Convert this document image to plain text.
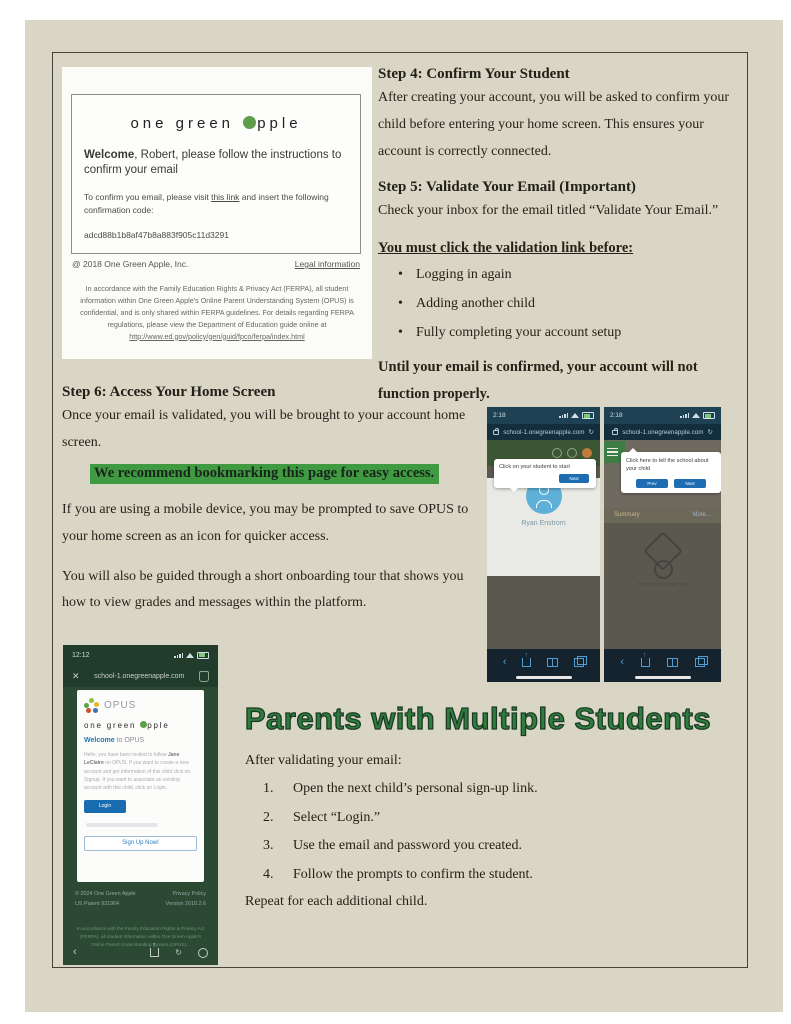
one green pple
Welcome, Robert, please follow the instructions to confirm your email
To confirm you email, please visit this link and insert the following confirmation code:
adcd88b1b8af47b8a883f905c11d3291
@ 2018 One Green Apple, Inc.	Legal information
In accordance with the Family Education Rights & Privacy Act (FERPA), all student information within One Green Apple's Online Parent Understanding System (OPUS) is confidential, and is only shared within FERPA guidelines. For details regarding FERPA regulations, please view the Department of Education guide online at
http://www.ed.gov/policy/gen/guid/fpco/ferpa/index.html
Step 4: Confirm Your Student

After creating your account, you will be asked to confirm your child before entering your home screen. This ensures your account is correctly connected.

Step 5: Validate Your Email (Important)

Check your inbox for the email titled “Validate Your Email.”

You must click the validation link before:

• Logging in again
• Adding another child
• Fully completing your account setup

Until your email is confirmed, your account will not function properly.

Step 6: Access Your Home Screen

Once your email is validated, you will be brought to your account home screen.

We recommend bookmarking this page for easy access.

If you are using a mobile device, you may be prompted to save OPUS to your home screen as an icon for quicker access.

You will also be guided through a short onboarding tour that shows you how to view grades and messages within the platform.

2:18
school-1.onegreenapple.com ↻
Ryan Enstrom
Click on your student to start
Next
‹
↑
2:18
school-1.onegreenapple.com ↻
Summary	More...
There is no data yet
Click here to tell the school about
your child
Prev	Next
‹
↑
12:12
✕	school-1.onegreenapple.com
OPUS
one green pple
Welcome to OPUS
Hello, you have been invited to follow Jane LeClaire on OPUS. If you want to create a new account and get information of this child click on Signup. If you want to associate an existing account with this child, click on Login.
Login
Sign Up Now!
© 2024 One Green Apple
US Patent 931964
Privacy Policy
Version 2018.2.6
In accordance with the Family Education Rights & Privacy Act (FERPA), all student information within One Green Apple's Online Parent Understanding System (OPUS)...
‹ ↑	↻
Parents with Multiple Students
After validating your email:
1.	Open the next child’s personal sign-up link.
2.	Select “Login.”
3.	Use the email and password you created.
4.	Follow the prompts to confirm the student.
Repeat for each additional child.
